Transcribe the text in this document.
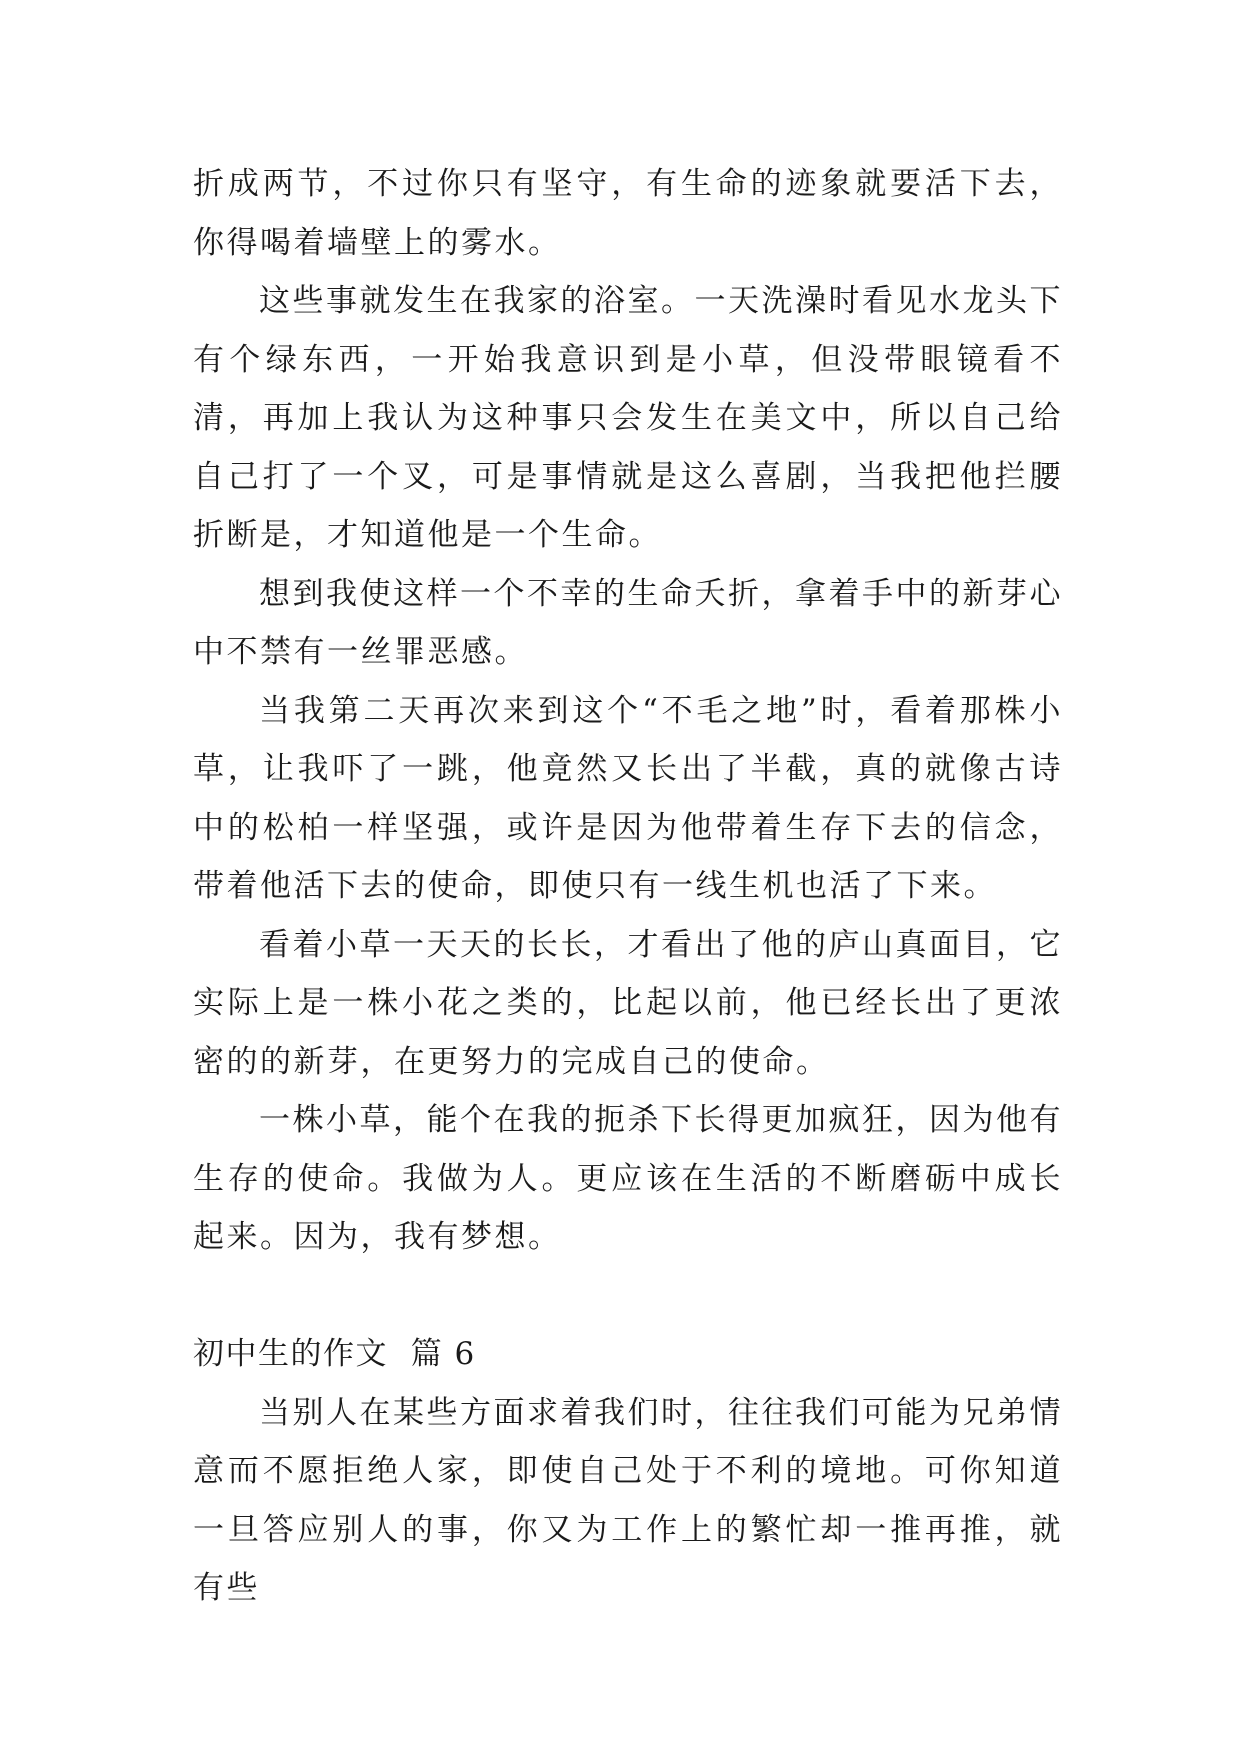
折成两节，不过你只有坚守，有生命的迹象就要活下去，你得喝着墙壁上的雾水。

这些事就发生在我家的浴室。一天洗澡时看见水龙头下有个绿东西，一开始我意识到是小草，但没带眼镜看不清，再加上我认为这种事只会发生在美文中，所以自己给自己打了一个叉，可是事情就是这么喜剧，当我把他拦腰折断是，才知道他是一个生命。

想到我使这样一个不幸的生命夭折，拿着手中的新芽心中不禁有一丝罪恶感。

当我第二天再次来到这个“不毛之地”时，看着那株小草，让我吓了一跳，他竟然又长出了半截，真的就像古诗中的松柏一样坚强，或许是因为他带着生存下去的信念，带着他活下去的使命，即使只有一线生机也活了下来。

看着小草一天天的长长，才看出了他的庐山真面目，它实际上是一株小花之类的，比起以前，他已经长出了更浓密的的新芽，在更努力的完成自己的使命。

一株小草，能个在我的扼杀下长得更加疯狂，因为他有生存的使命。我做为人。更应该在生活的不断磨砺中成长起来。因为，我有梦想。

初中生的作文  篇 6

当别人在某些方面求着我们时，往往我们可能为兄弟情意而不愿拒绝人家，即使自己处于不利的境地。可你知道一旦答应别人的事，你又为工作上的繁忙却一推再推，就有些
